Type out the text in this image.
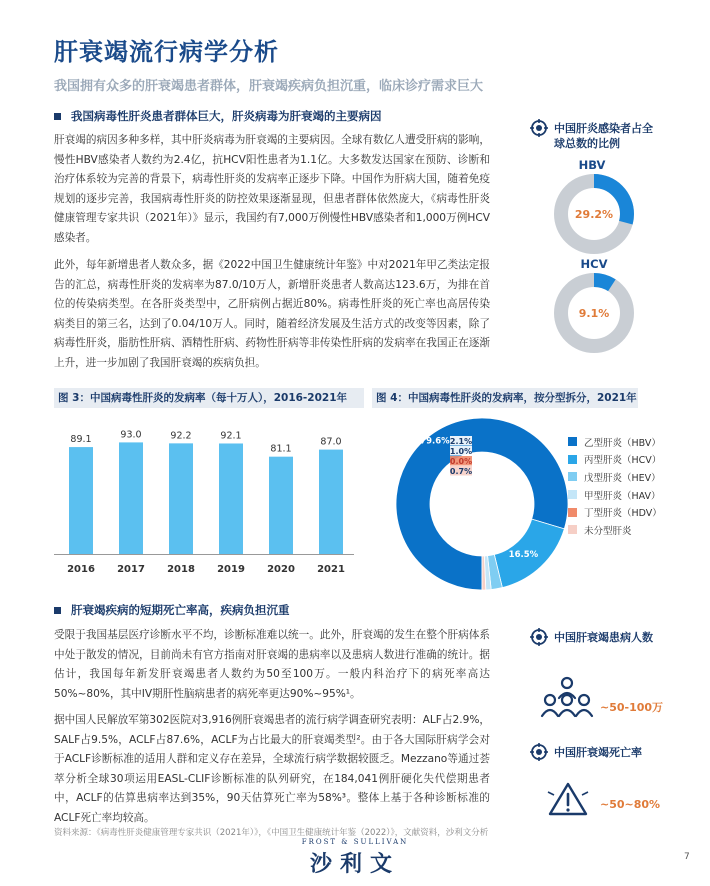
肝衰竭流行病学分析
我国拥有众多的肝衰竭患者群体，肝衰竭疾病负担沉重，临床诊疗需求巨大
我国病毒性肝炎患者群体巨大，肝炎病毒为肝衰竭的主要病因
肝衰竭的病因多种多样，其中肝炎病毒为肝衰竭的主要病因。全球有数亿人遭受肝病的影响，慢性HBV感染者人数约为2.4亿，抗HCV阳性患者为1.1亿。大多数发达国家在预防、诊断和治疗体系较为完善的背景下，病毒性肝炎的发病率正逐步下降。中国作为肝病大国，随着免疫规划的逐步完善，我国病毒性肝炎的防控效果逐渐显现，但患者群体依然庞大，《病毒性肝炎健康管理专家共识（2021年）》显示，我国约有7,000万例慢性HBV感染者和1,000万例HCV感染者。
此外，每年新增患者人数众多，据《2022中国卫生健康统计年鉴》中对2021年甲乙类法定报告的汇总，病毒性肝炎的发病率为87.0/10万人，新增肝炎患者人数高达123.6万，为排在首位的传染病类型。在各肝炎类型中，乙肝病例占据近80%。病毒性肝炎的死亡率也高居传染病类目的第三名，达到了0.04/10万人。同时，随着经济发展及生活方式的改变等因素，除了病毒性肝炎，脂肪性肝病、酒精性肝病、药物性肝病等非传染性肝病的发病率在我国正在逐渐上升，进一步加剧了我国肝衰竭的疾病负担。
中国肝炎感染者占全球总数的比例
HBV
29.2%
HCV
9.1%
图 3：中国病毒性肝炎的发病率（每十万人），2016-2021年
89.1
2016
93.0
2017
92.2
2018
92.1
2019
81.1
2020
87.0
2021
图 4：中国病毒性肝炎的发病率，按分型拆分，2021年
79.6%
16.5%
2.1%
1.0%
0.0%
0.7%
乙型肝炎（HBV）
丙型肝炎（HCV）
戊型肝炎（HEV）
甲型肝炎（HAV）
丁型肝炎（HDV）
未分型肝炎
肝衰竭疾病的短期死亡率高，疾病负担沉重
受限于我国基层医疗诊断水平不均，诊断标准难以统一。此外，肝衰竭的发生在整个肝病体系中处于散发的情况，目前尚未有官方指南对肝衰竭的患病率以及患病人数进行准确的统计。据估计，我国每年新发肝衰竭患者人数约为50至100万。一般内科治疗下的病死率高达50%~80%，其中IV期肝性脑病患者的病死率更达90%~95%¹。
据中国人民解放军第302医院对3,916例肝衰竭患者的流行病学调查研究表明：ALF占2.9%，SALF占9.5%，ACLF占87.6%，ACLF为占比最大的肝衰竭类型²。由于各大国际肝病学会对于ACLF诊断标准的适用人群和定义存在差异，全球流行病学数据较匮乏。Mezzano等通过荟萃分析全球30项运用EASL-CLIF诊断标准的队列研究，在184,041例肝硬化失代偿期患者中，ACLF的估算患病率达到35%，90天估算死亡率为58%³。整体上基于各种诊断标准的ACLF死亡率均较高。
中国肝衰竭患病人数
~50-100万
中国肝衰竭死亡率
~50~80%
资料来源：《病毒性肝炎健康管理专家共识（2021年）》，《中国卫生健康统计年鉴（2022）》，文献资料，沙利文分析
FROST & SULLIVAN
沙利文	7
